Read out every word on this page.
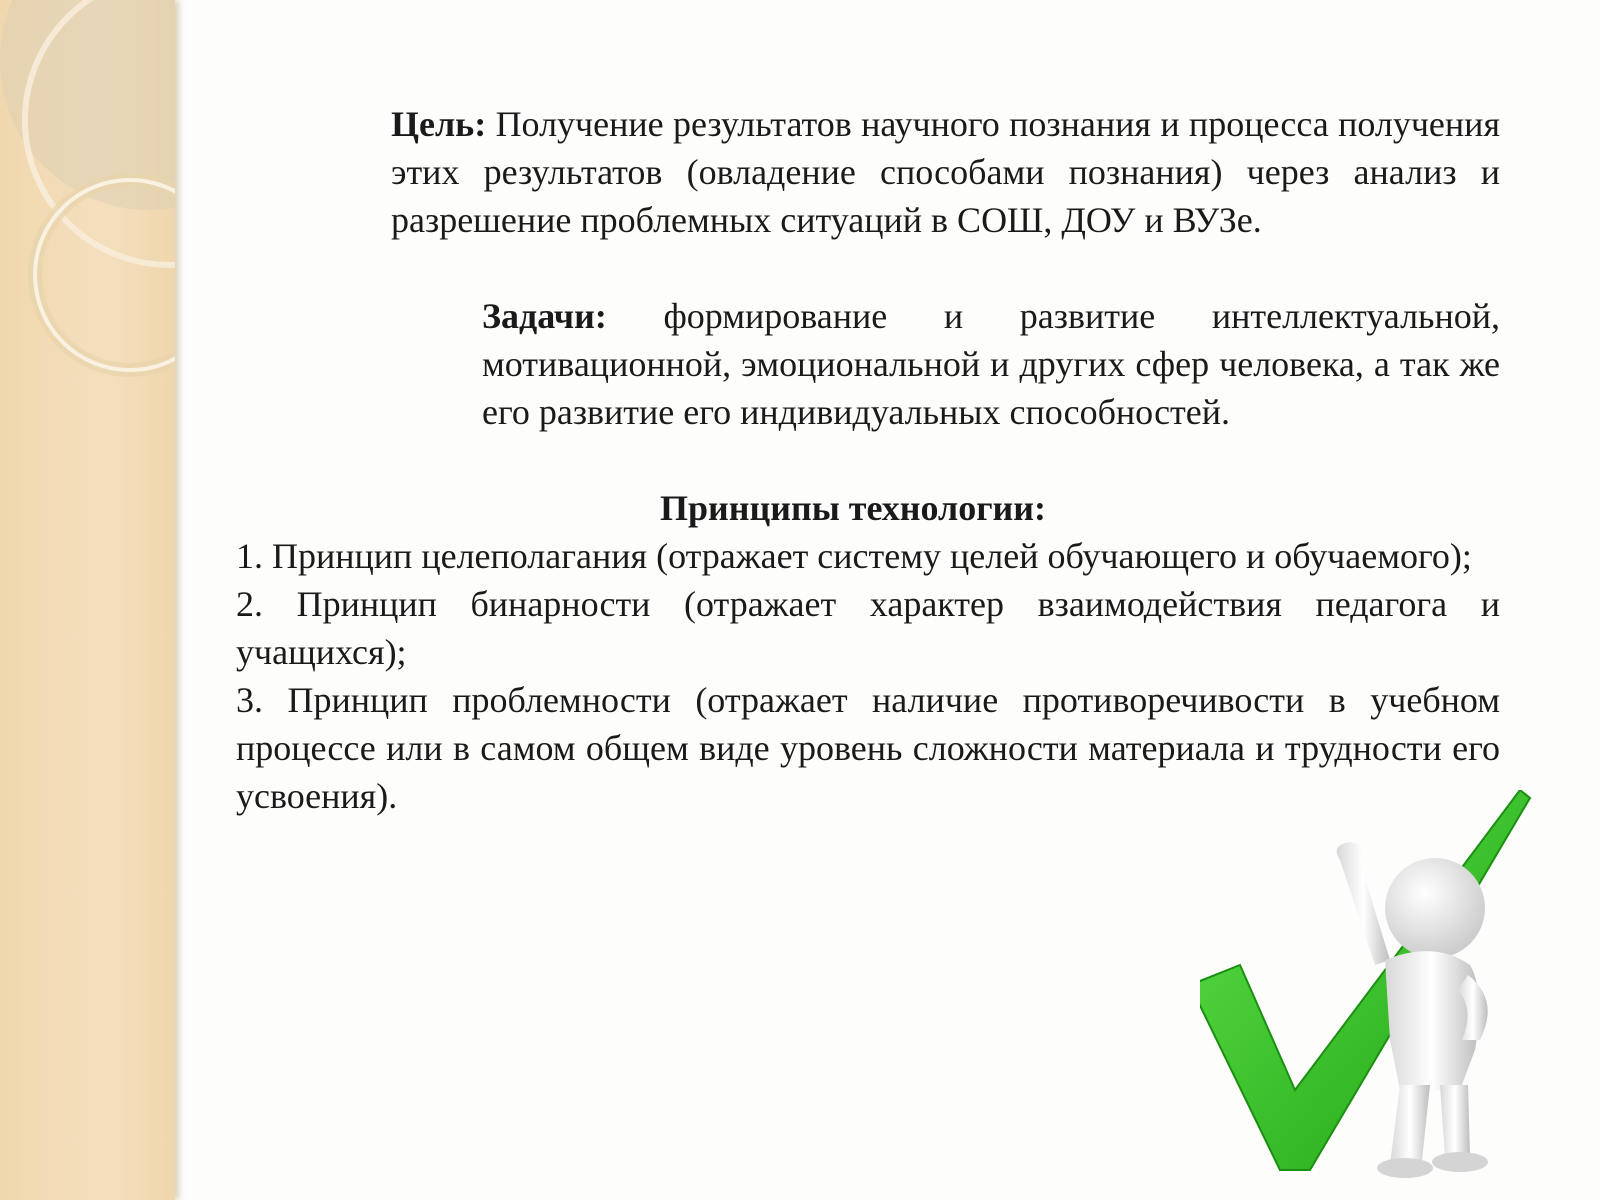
Цель: Получение результатов научного познания и процесса получения этих результатов (овладение способами познания) через анализ и разрешение проблемных ситуаций в СОШ, ДОУ и ВУЗе.

Задачи: формирование и развитие интеллектуальной, мотивационной, эмоциональной и других сфер человека, а так же его развитие его индивидуальных способностей.

Принципы технологии:

1. Принцип целеполагания (отражает систему целей обучающего и обучаемого);
2. Принцип бинарности (отражает характер взаимодействия педагога и учащихся);
3. Принцип проблемности (отражает наличие противоречивости в учебном процессе или в самом общем виде уровень сложности материала и трудности его усвоения).
